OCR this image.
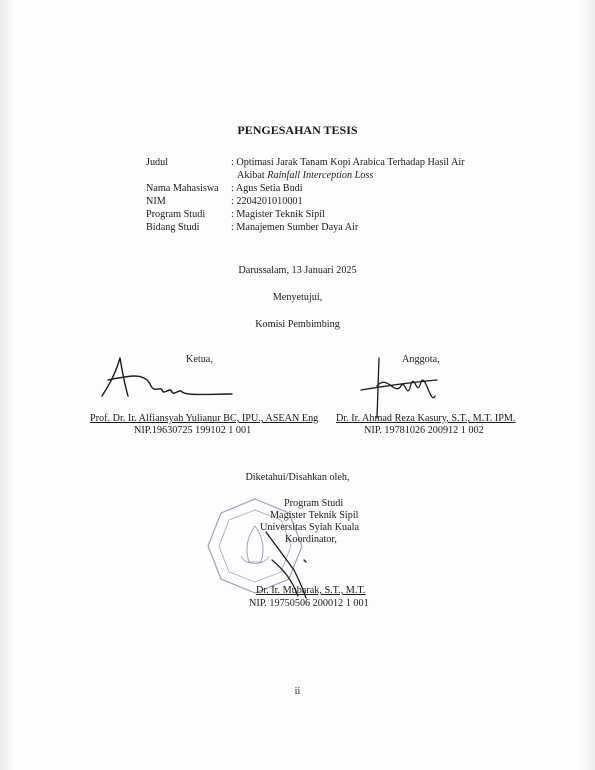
PENGESAHAN TESIS
Judul	: Optimasi Jarak Tanam Kopi Arabica Terhadap Hasil Air
Akibat Rainfall Interception Loss
Nama Mahasiswa : Agus Setia Budi
NIM	: 2204201010001
Program Studi	: Magister Teknik Sipil
Bidang Studi	: Manajemen Sumber Daya Air
Darussalam, 13 Januari 2025
Menyetujui,
Komisi Pembimbing
Ketua,	Anggota,
Prof. Dr. Ir. Alfiansyah Yulianur BC, IPU., ASEAN Eng
NIP.19630725 199102 1 001
Dr. Ir. Ahmad Reza Kasury, S.T., M.T. IPM.
NIP. 19781026 200912 1 002
Diketahui/Disahkan oleh,
Program Studi
Magister Teknik Sipil
Universitas Syiah Kuala
Koordinator,
Dr. Ir. Mubarak, S.T., M.T.
NIP. 19750506 200012 1 001
ii
